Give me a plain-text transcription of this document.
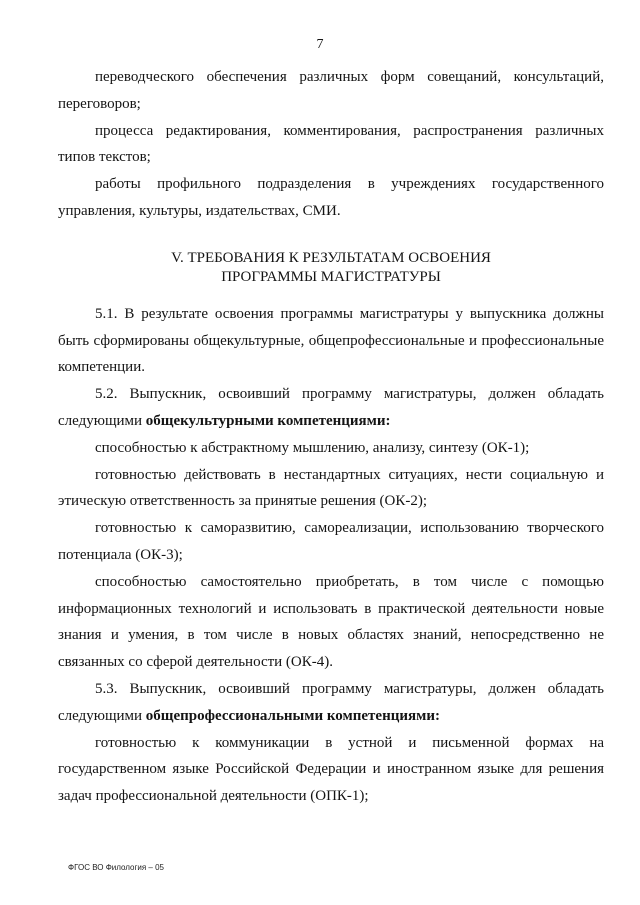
7

переводческого обеспечения различных форм совещаний, консультаций, переговоров;

процесса редактирования, комментирования, распространения различных типов текстов;

работы профильного подразделения в учреждениях государственного управления, культуры, издательствах, СМИ.

V. ТРЕБОВАНИЯ К РЕЗУЛЬТАТАМ ОСВОЕНИЯ
ПРОГРАММЫ МАГИСТРАТУРЫ

5.1. В результате освоения программы магистратуры у выпускника должны быть сформированы общекультурные, общепрофессиональные и профессиональные компетенции.

5.2. Выпускник, освоивший программу магистратуры, должен обладать следующими общекультурными компетенциями:

способностью к абстрактному мышлению, анализу, синтезу (ОК-1);

готовностью действовать в нестандартных ситуациях, нести социальную и этическую ответственность за принятые решения (ОК-2);

готовностью к саморазвитию, самореализации, использованию творческого потенциала (ОК-3);

способностью самостоятельно приобретать, в том числе с помощью информационных технологий и использовать в практической деятельности новые знания и умения, в том числе в новых областях знаний, непосредственно не связанных со сферой деятельности (ОК-4).

5.3. Выпускник, освоивший программу магистратуры, должен обладать следующими общепрофессиональными компетенциями:

готовностью к коммуникации в устной и письменной формах на государственном языке Российской Федерации и иностранном языке для решения задач профессиональной деятельности (ОПК-1);

ФГОС ВО Филология – 05
